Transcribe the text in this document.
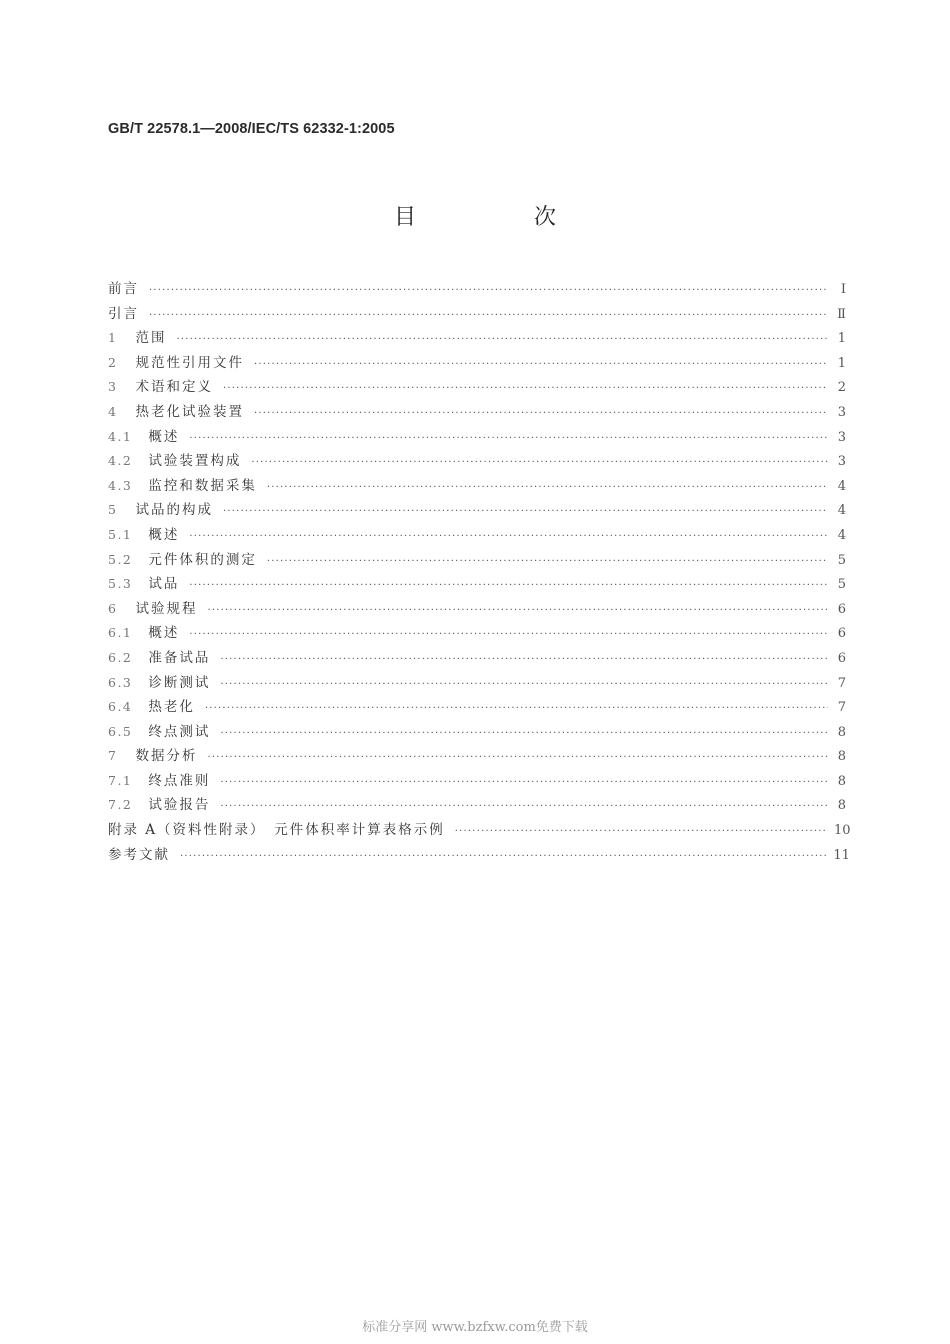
GB/T 22578.1—2008/IEC/TS 62332-1:2005
目　次
前言 ·····	Ⅰ
引言 ·····	Ⅱ
1 范围 ·····	1
2 规范性引用文件 ·····	1
3 术语和定义 ·····	2
4 热老化试验装置 ·····	3
4.1 概述 ·····	3
4.2 试验装置构成 ·····	3
4.3 监控和数据采集 ·····	4
5 试品的构成 ·····	4
5.1 概述 ·····	4
5.2 元件体积的测定 ·····	5
5.3 试品 ·····	5
6 试验规程 ·····	6
6.1 概述 ·····	6
6.2 准备试品 ·····	6
6.3 诊断测试 ·····	7
6.4 热老化 ·····	7
6.5 终点测试 ·····	8
7 数据分析 ·····	8
7.1 终点准则 ·····	8
7.2 试验报告 ·····	8
附录 A（资料性附录）　元件体积率计算表格示例 ·····	10
参考文献 ·····	11
标准分享网 www.bzfxw.com免费下载
